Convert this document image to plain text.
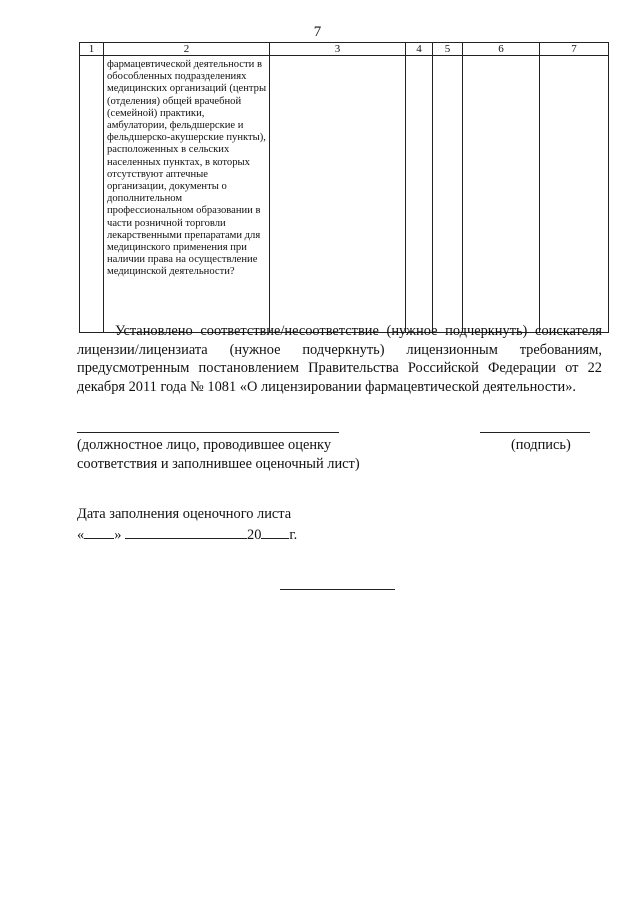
7
1	2	3	4	5	6	7

	фармацевтической деятельности в обособленных подразделениях медицинских организаций (центры (отделения) общей врачебной (семейной) практики, амбулатории, фельдшерские и фельдшерско-акушерские пункты), расположенных в сельских населенных пунктах, в которых отсутствуют аптечные организации, документы о дополнительном профессиональном образовании в части розничной торговли лекарственными препаратами для медицинского применения при наличии права на осуществление медицинской деятельности?					

Установлено соответствие/несоответствие (нужное подчеркнуть) соискателя лицензии/лицензиата (нужное подчеркнуть) лицензионным требованиям, предусмотренным постановлением Правительства Российской Федерации от 22 декабря 2011 года № 1081 «О лицензировании фармацевтической деятельности».
(должностное лицо, проводившее оценку соответствия и заполнившее оценочный лист)
(подпись)
Дата заполнения оценочного листа
« »	20 г.
